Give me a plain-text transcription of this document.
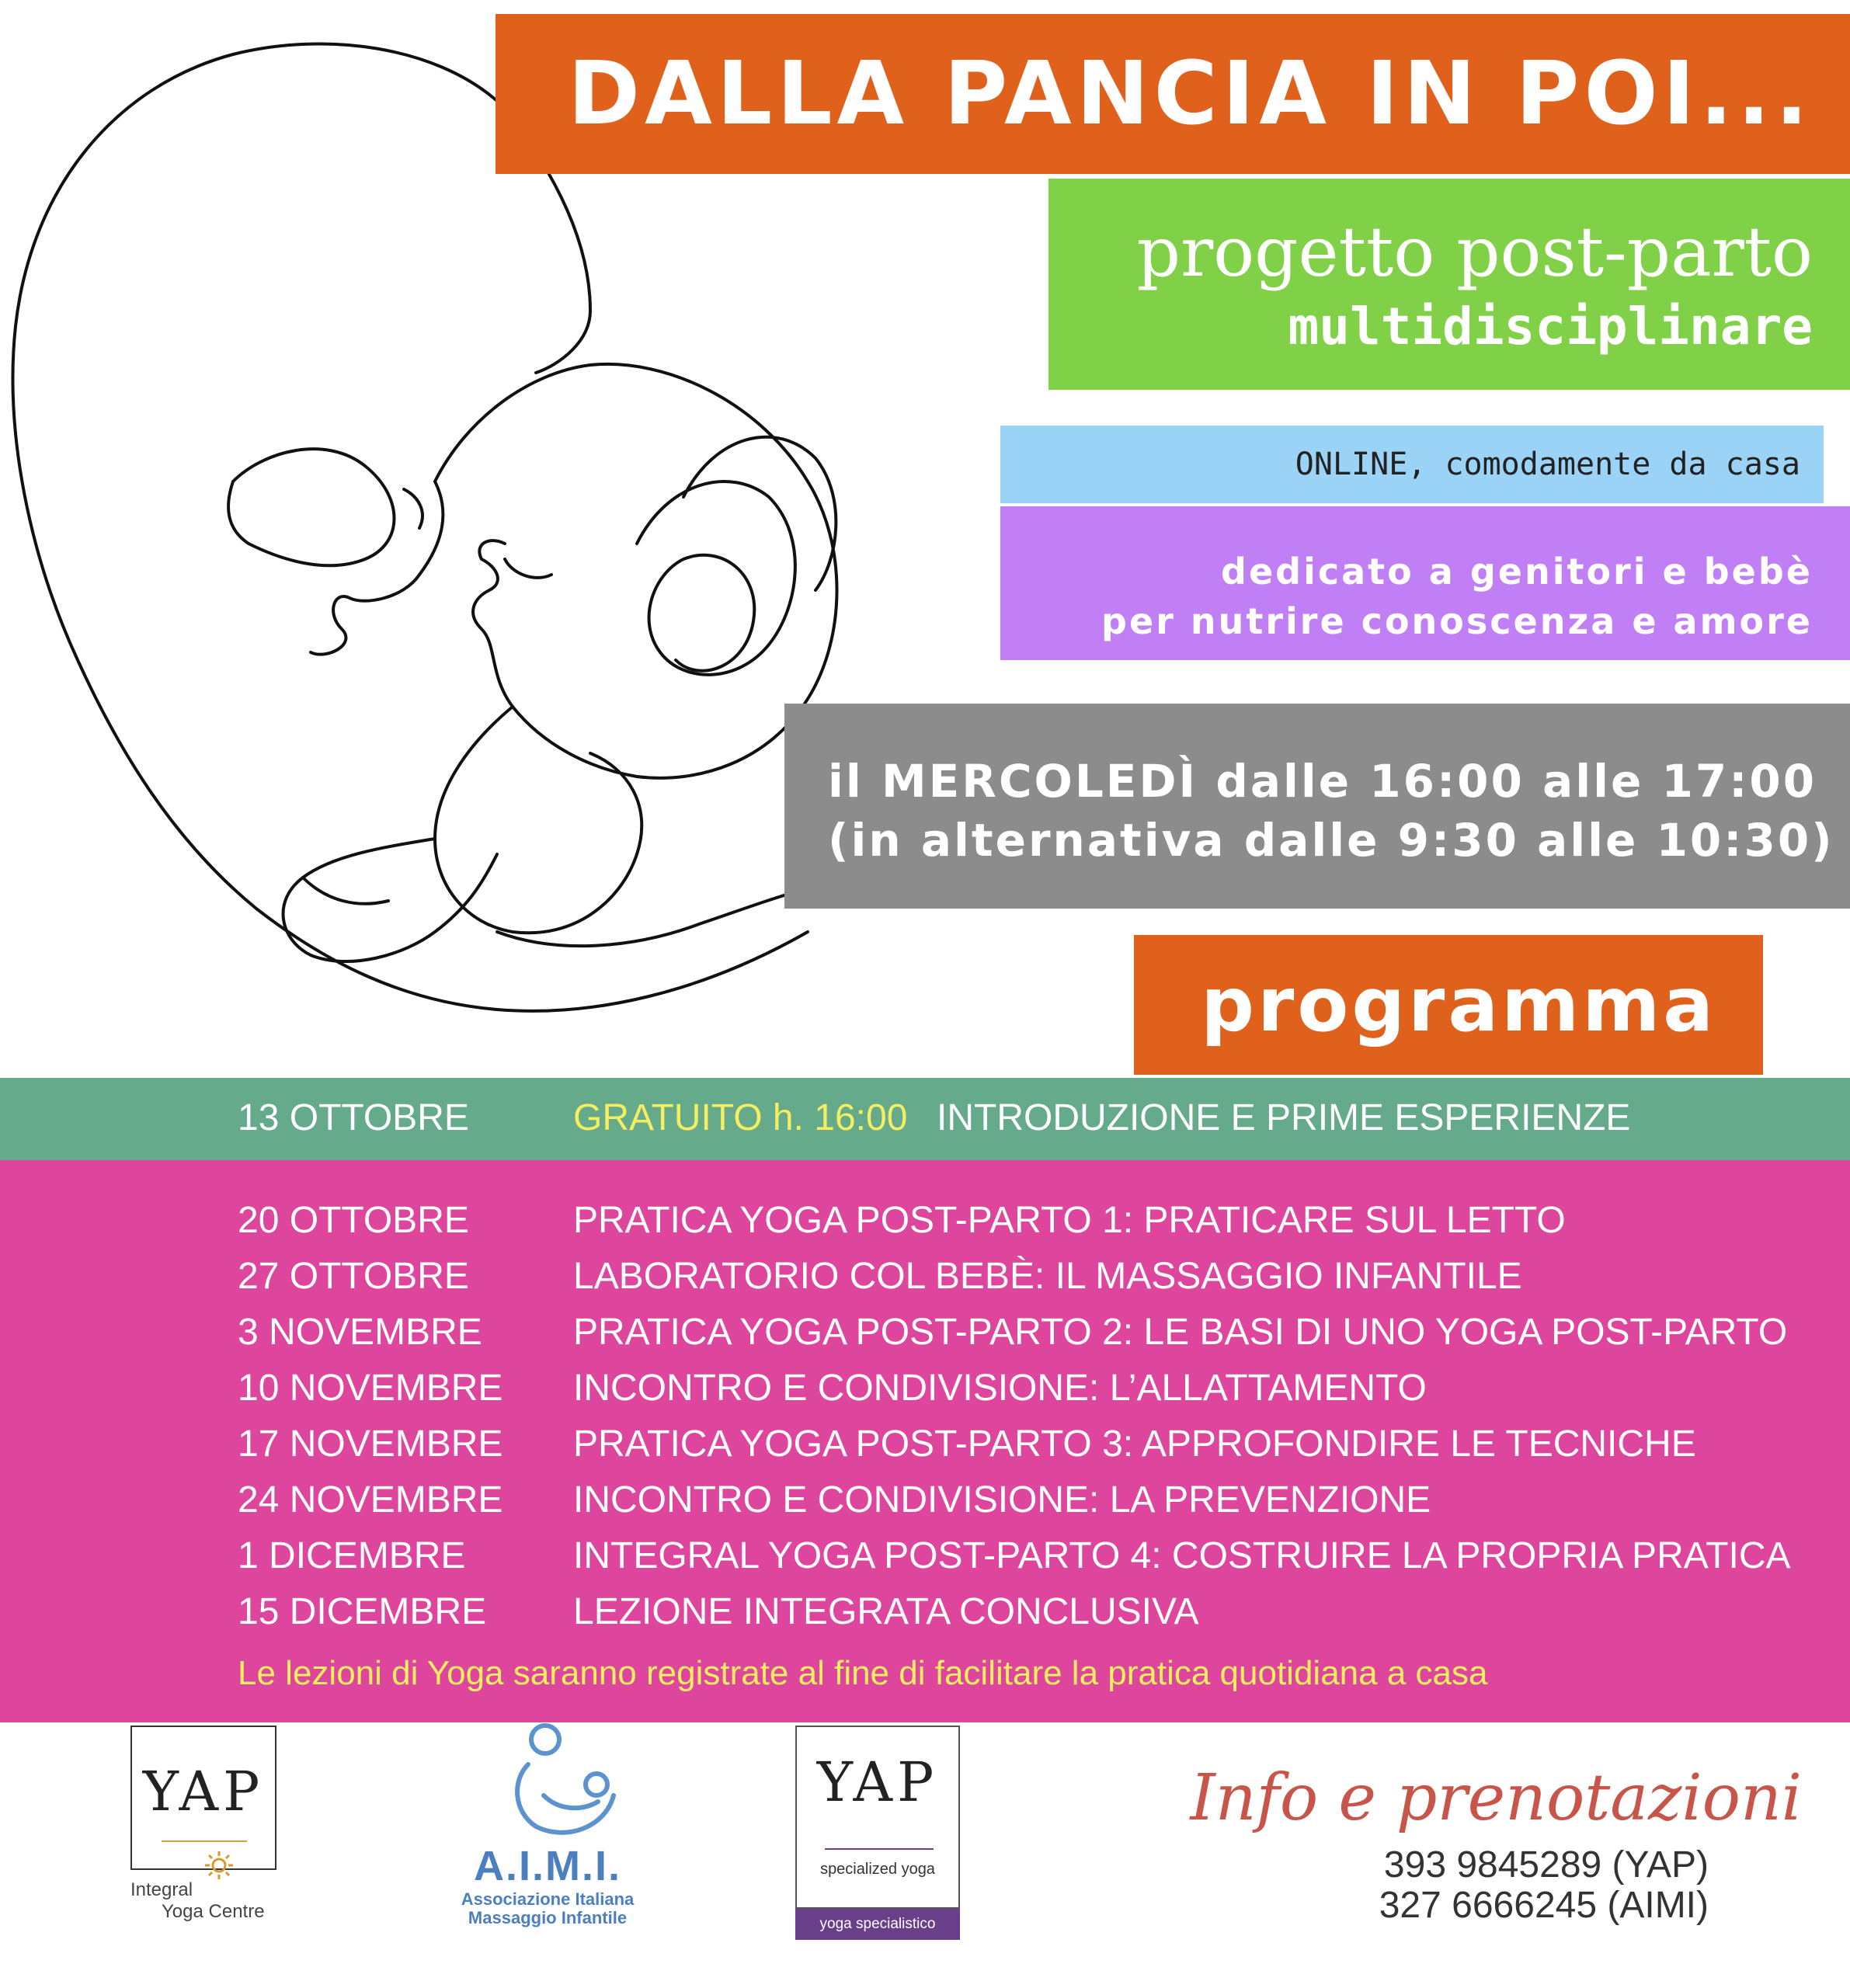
DALLA PANCIA IN POI...
progetto post-parto
multidisciplinare
ONLINE, comodamente da casa
dedicato a genitori e bebè
per nutrire conoscenza e amore
il MERCOLEDÌ dalle 16:00 alle 17:00
(in alternativa dalle 9:30 alle 10:30)
programma
13 OTTOBRE	GRATUITO h. 16:00 INTRODUZIONE E PRIME ESPERIENZE
20 OTTOBRE	PRATICA YOGA POST-PARTO 1: PRATICARE SUL LETTO
27 OTTOBRE	LABORATORIO COL BEBÈ: IL MASSAGGIO INFANTILE
3 NOVEMBRE PRATICA YOGA POST-PARTO 2: LE BASI DI UNO YOGA POST-PARTO
10 NOVEMBRE INCONTRO E CONDIVISIONE: L’ALLATTAMENTO
17 NOVEMBRE PRATICA YOGA POST-PARTO 3: APPROFONDIRE LE TECNICHE
24 NOVEMBRE INCONTRO E CONDIVISIONE: LA PREVENZIONE
1 DICEMBRE	INTEGRAL YOGA POST-PARTO 4: COSTRUIRE LA PROPRIA PRATICA
15 DICEMBRE LEZIONE INTEGRATA CONCLUSIVA
Le lezioni di Yoga saranno registrate al fine di facilitare la pratica quotidiana a casa
YAP
Integral
Yoga Centre
A.I.M.I.
Associazione Italiana
Massaggio Infantile
YAP
specialized yoga
yoga specialistico
Info e prenotazioni
393 9845289 (YAP)
327 6666245 (AIMI)
